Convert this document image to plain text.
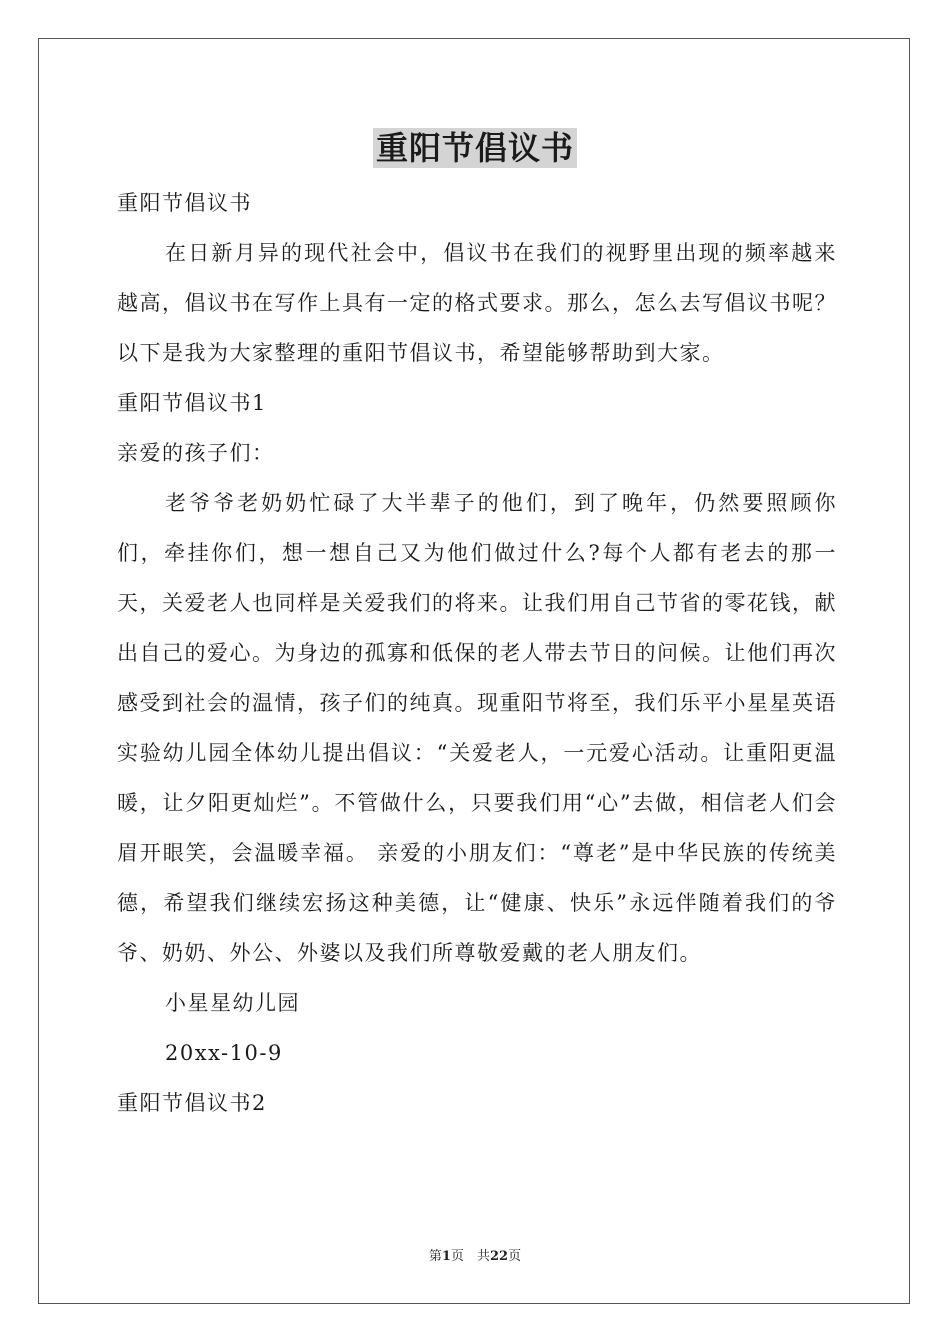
重阳节倡议书

重阳节倡议书

在日新月异的现代社会中，倡议书在我们的视野里出现的频率越来越高，倡议书在写作上具有一定的格式要求。那么，怎么去写倡议书呢？以下是我为大家整理的重阳节倡议书，希望能够帮助到大家。

重阳节倡议书1

亲爱的孩子们：

老爷爷老奶奶忙碌了大半辈子的他们，到了晚年，仍然要照顾你们，牵挂你们，想一想自己又为他们做过什么?每个人都有老去的那一天，关爱老人也同样是关爱我们的将来。让我们用自己节省的零花钱，献出自己的爱心。为身边的孤寡和低保的老人带去节日的问候。让他们再次感受到社会的温情，孩子们的纯真。现重阳节将至，我们乐平小星星英语实验幼儿园全体幼儿提出倡议：“关爱老人，一元爱心活动。让重阳更温暖，让夕阳更灿烂”。不管做什么，只要我们用“心”去做，相信老人们会眉开眼笑，会温暖幸福。 亲爱的小朋友们：“尊老”是中华民族的传统美德，希望我们继续宏扬这种美德，让“健康、快乐”永远伴随着我们的爷爷、奶奶、外公、外婆以及我们所尊敬爱戴的老人朋友们。

小星星幼儿园

20xx-10-9

重阳节倡议书2

第1页　共22页
